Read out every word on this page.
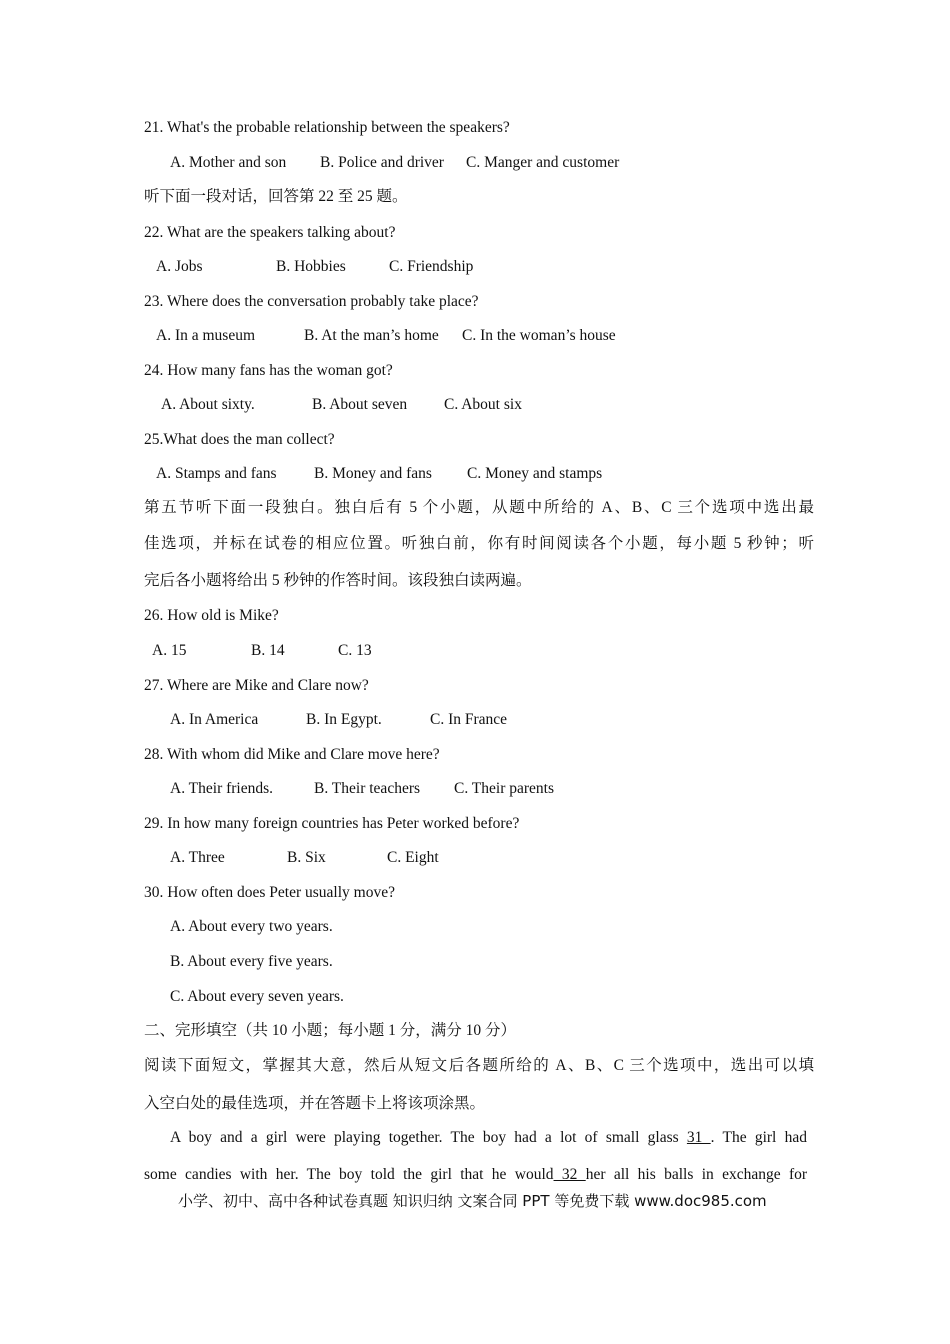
21. What's the probable relationship between the speakers?
A. Mother and son B. Police and driver C. Manger and customer
听下面一段对话，回答第 22 至 25 题。
22. What are the speakers talking about?
A. Jobs	B. Hobbies	C. Friendship
23. Where does the conversation probably take place?
A. In a museum	B. At the man’s home C. In the woman’s house
24. How many fans has the woman got?
A. About sixty.	B. About seven C. About six
25.What does the man collect?
A. Stamps and fans B. Money and fans C. Money and stamps
第五节听下面一段独白。独白后有 5 个小题，从题中所给的 A、B、C 三个选项中选出最
佳选项，并标在试卷的相应位置。听独白前，你有时间阅读各个小题，每小题 5 秒钟；听
完后各小题将给出 5 秒钟的作答时间。该段独白读两遍。
26. How old is Mike?
A. 15	B. 14	C. 13
27. Where are Mike and Clare now?
A. In America	B. In Egypt.	C. In France
28. With whom did Mike and Clare move here?
A. Their friends.	B. Their teachers C. Their parents
29. In how many foreign countries has Peter worked before?
A. Three	B. Six	C. Eight
30. How often does Peter usually move?
A. About every two years.
B. About every five years.
C. About every seven years.
二、完形填空（共 10 小题；每小题 1 分，满分 10 分）
阅读下面短文，掌握其大意，然后从短文后各题所给的 A、B、C 三个选项中，选出可以填
入空白处的最佳选项，并在答题卡上将该项涂黑。
A boy and a girl were playing together. The boy had a lot of small glass 31 . The girl had
some candies with her. The boy told the girl that he would 32 her all his balls in exchange for
小学、初中、高中各种试卷真题 知识归纳 文案合同 PPT 等免费下载 www.doc985.com
